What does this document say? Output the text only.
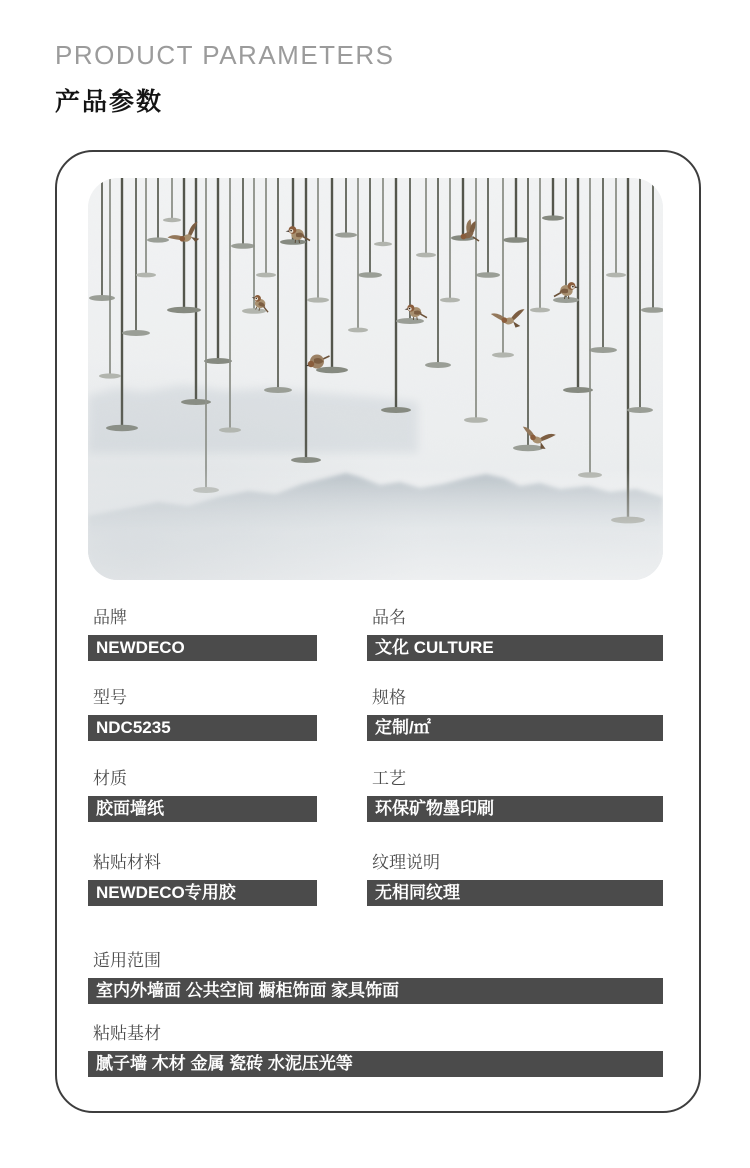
PRODUCT PARAMETERS
产品参数
品牌
NEWDECO
品名
文化 CULTURE
型号
NDC5235
规格
定制/㎡
材质
胶面墙纸
工艺
环保矿物墨印刷
粘贴材料
NEWDECO专用胶
纹理说明
无相同纹理
适用范围
室内外墙面 公共空间 橱柜饰面 家具饰面
粘贴基材
腻子墙 木材 金属 瓷砖 水泥压光等
